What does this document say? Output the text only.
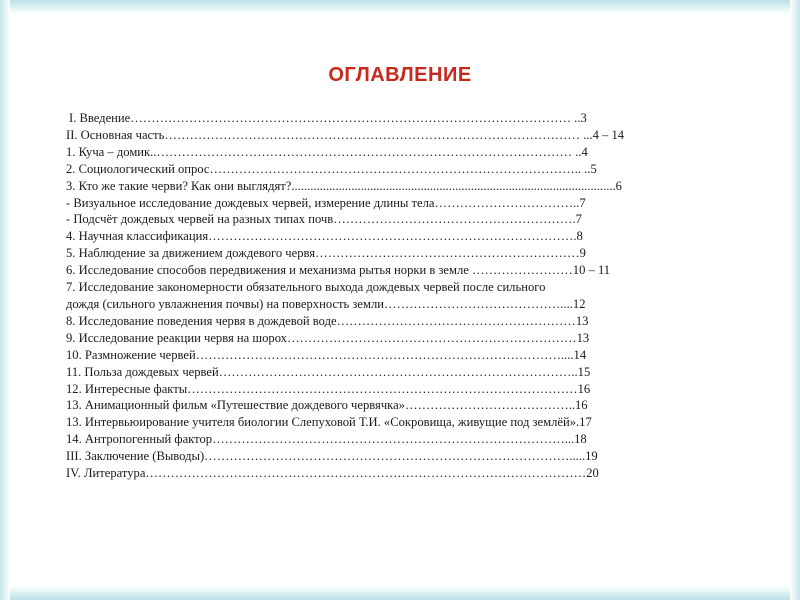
ОГЛАВЛЕНИЕ
I. Введение…………………………………………………………………………………………… ..3
II. Основная часть……………………………………………………………………………………… ...4 – 14
1. Куча – домик..……………………………………………………………………………………… ..4
2. Социологический опрос…………………………………………………………………………….. ..5
3. Кто же такие черви? Как они выглядят?.......................................................................................................6
- Визуальное исследование дождевых червей, измерение длины тела……………………………..7
- Подсчёт дождевых червей на разных типах почв………………………………………………….7
4. Научная классификация…………………………………………………………………………….8
5. Наблюдение за движением дождевого червя………………………………………………………9
6. Исследование способов передвижения и механизма рытья норки в земле ……………………10 – 11
7. Исследование закономерности обязательного выхода дождевых червей после сильного
дождя (сильного увлажнения почвы) на поверхность земли……………………………………....12
8. Исследование поведения червя в дождевой воде…………………………………………………13
9. Исследование реакции червя на шорох……………………………………………………………13
10. Размножение червей……………………………………………………………………………....14
11. Польза дождевых червей…………………………………………………………………………..15
12. Интересные факты…………………………………………………………………………………16
13. Анимационный фильм «Путешествие дождевого червячка»…………………………………..16
13. Интервьюирование учителя биологии Слепуховой Т.И. «Сокровища, живущие под землёй».17
14. Антропогенный фактор…………………………………………………………………………...18
III. Заключение (Выводы)…………………………………………………………………………….....19
IV. Литература……………………………………………………………………………………………20
